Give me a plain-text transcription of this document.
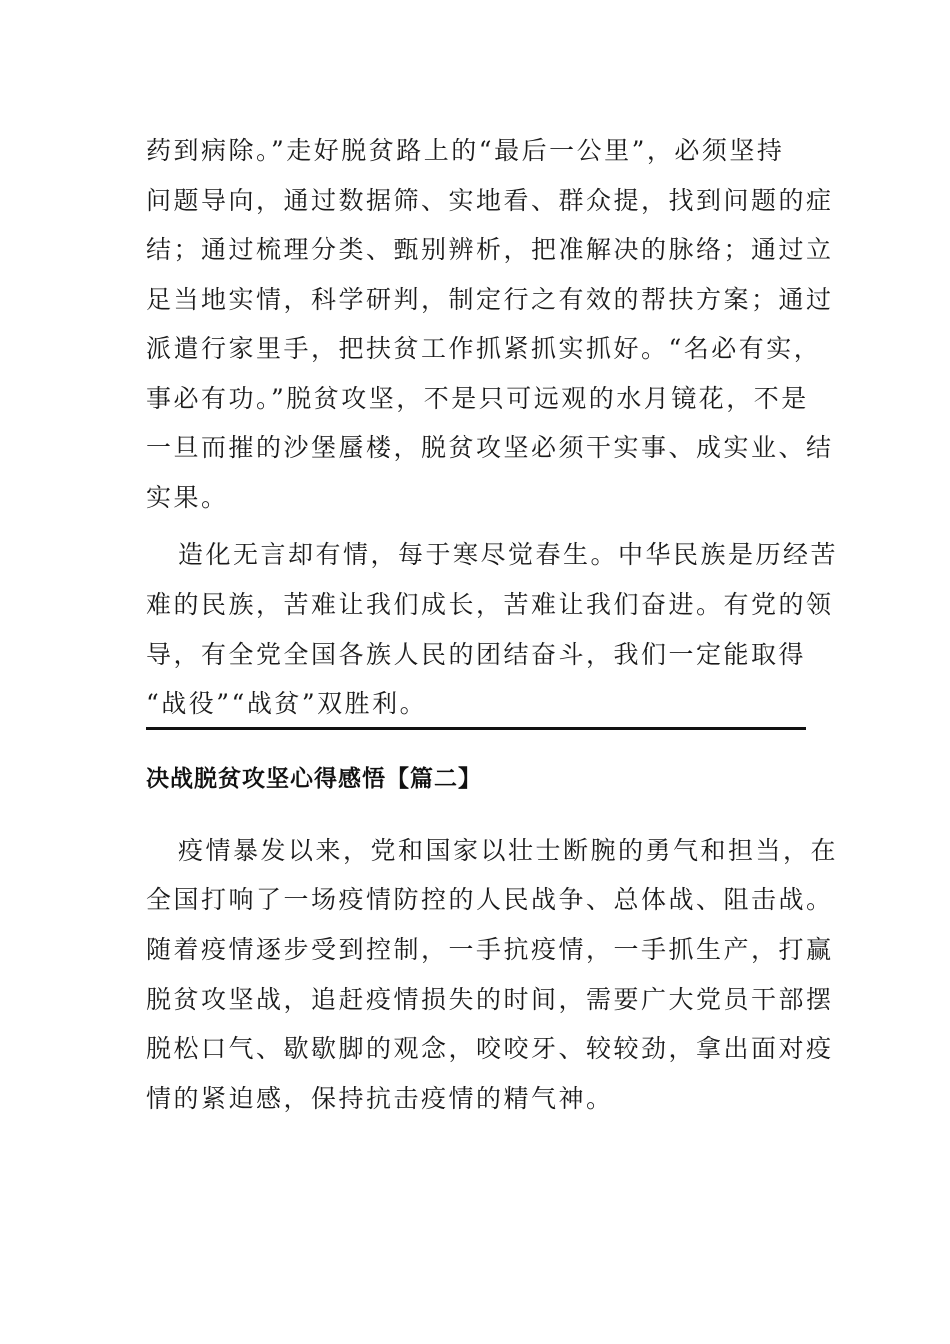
药到病除。”走好脱贫路上的“最后一公里”，必须坚持
问题导向，通过数据筛、实地看、群众提，找到问题的症
结；通过梳理分类、甄别辨析，把准解决的脉络；通过立
足当地实情，科学研判，制定行之有效的帮扶方案；通过
派遣行家里手，把扶贫工作抓紧抓实抓好。“名必有实，
事必有功。”脱贫攻坚，不是只可远观的水月镜花，不是
一旦而摧的沙堡蜃楼，脱贫攻坚必须干实事、成实业、结
实果。
造化无言却有情，每于寒尽觉春生。中华民族是历经苦
难的民族，苦难让我们成长，苦难让我们奋进。有党的领
导，有全党全国各族人民的团结奋斗，我们一定能取得
“战役”“战贫”双胜利。
决战脱贫攻坚心得感悟【篇二】
疫情暴发以来，党和国家以壮士断腕的勇气和担当，在
全国打响了一场疫情防控的人民战争、总体战、阻击战。
随着疫情逐步受到控制，一手抗疫情，一手抓生产，打赢
脱贫攻坚战，追赶疫情损失的时间，需要广大党员干部摆
脱松口气、歇歇脚的观念，咬咬牙、较较劲，拿出面对疫
情的紧迫感，保持抗击疫情的精气神。
